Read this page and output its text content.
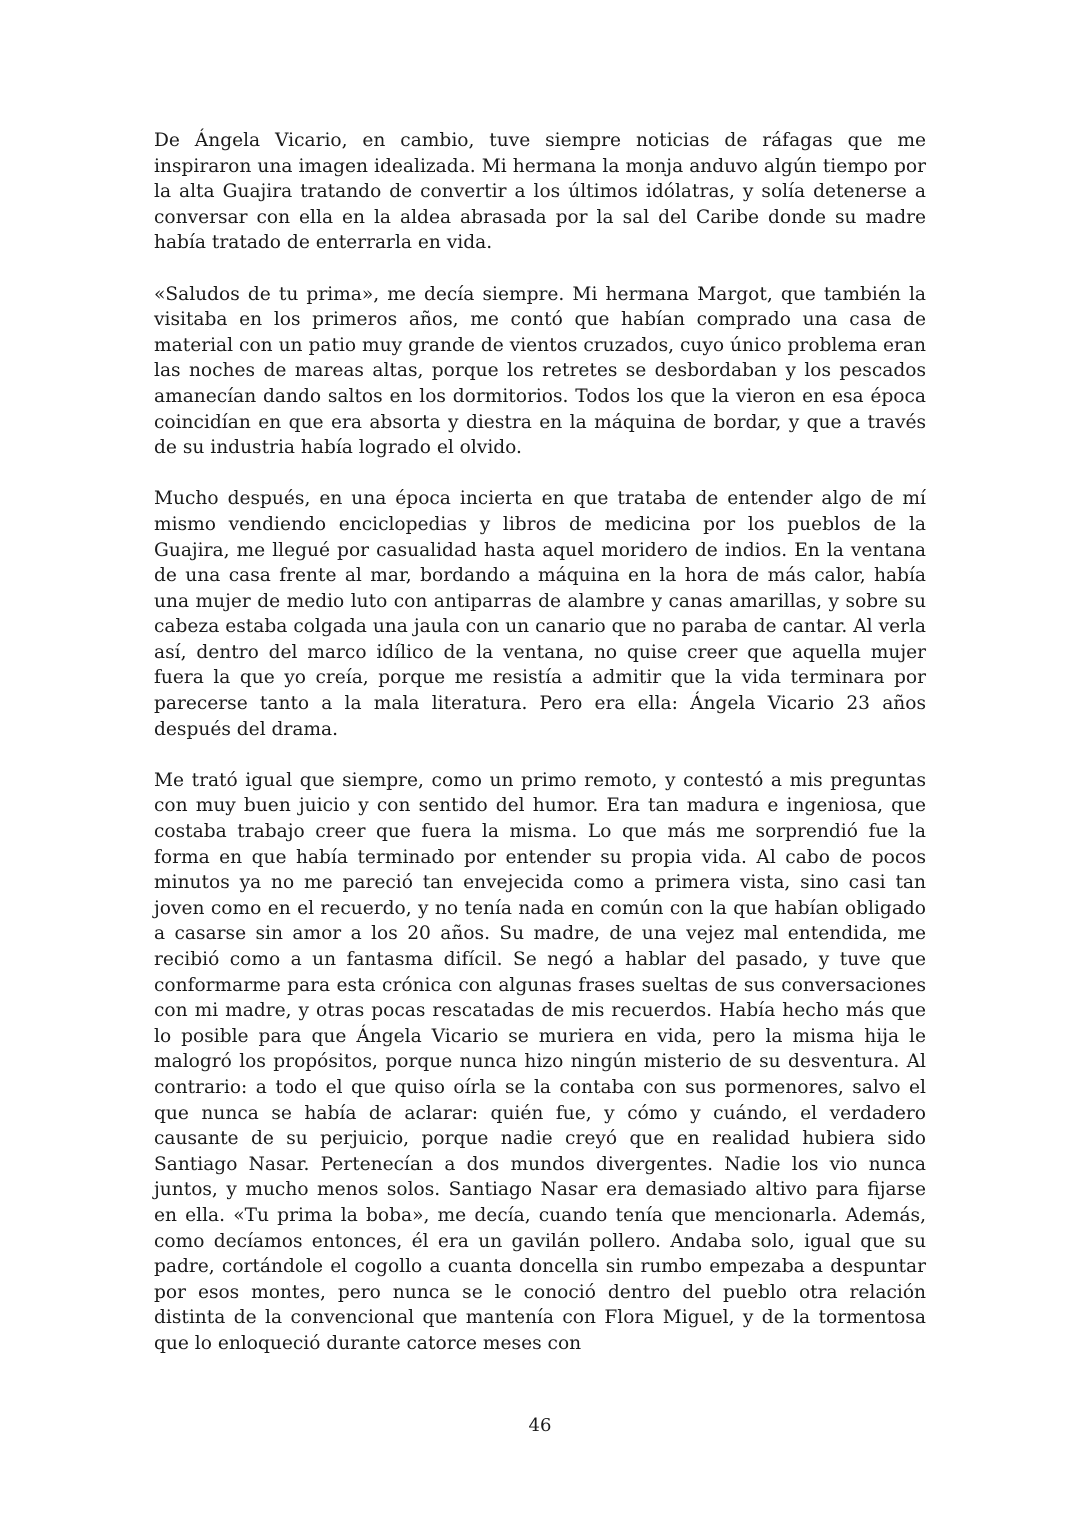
De Ángela Vicario, en cambio, tuve siempre noticias de ráfagas que me inspiraron una imagen idealizada. Mi hermana la monja anduvo algún tiempo por la alta Guajira tratando de convertir a los últimos idólatras, y solía detenerse a conversar con ella en la aldea abrasada por la sal del Caribe donde su madre había tratado de enterrarla en vida.

«Saludos de tu prima», me decía siempre. Mi hermana Margot, que también la visitaba en los primeros años, me contó que habían comprado una casa de material con un patio muy grande de vientos cruzados, cuyo único problema eran las noches de mareas altas, porque los retretes se desbordaban y los pescados amanecían dando saltos en los dormitorios. Todos los que la vieron en esa época coincidían en que era absorta y diestra en la máquina de bordar, y que a través de su industria había logrado el olvido.

Mucho después, en una época incierta en que trataba de entender algo de mí mismo vendiendo enciclopedias y libros de medicina por los pueblos de la Guajira, me llegué por casualidad hasta aquel moridero de indios. En la ventana de una casa frente al mar, bordando a máquina en la hora de más calor, había una mujer de medio luto con antiparras de alambre y canas amarillas, y sobre su cabeza estaba colgada una jaula con un canario que no paraba de cantar. Al verla así, dentro del marco idílico de la ventana, no quise creer que aquella mujer fuera la que yo creía, porque me resistía a admitir que la vida terminara por parecerse tanto a la mala literatura. Pero era ella: Ángela Vicario 23 años después del drama.

Me trató igual que siempre, como un primo remoto, y contestó a mis preguntas con muy buen juicio y con sentido del humor. Era tan madura e ingeniosa, que costaba trabajo creer que fuera la misma. Lo que más me sorprendió fue la forma en que había terminado por entender su propia vida. Al cabo de pocos minutos ya no me pareció tan envejecida como a primera vista, sino casi tan joven como en el recuerdo, y no tenía nada en común con la que habían obligado a casarse sin amor a los 20 años. Su madre, de una vejez mal entendida, me recibió como a un fantasma difícil. Se negó a hablar del pasado, y tuve que conformarme para esta crónica con algunas frases sueltas de sus conversaciones con mi madre, y otras pocas rescatadas de mis recuerdos. Había hecho más que lo posible para que Ángela Vicario se muriera en vida, pero la misma hija le malogró los propósitos, porque nunca hizo ningún misterio de su desventura. Al contrario: a todo el que quiso oírla se la contaba con sus pormenores, salvo el que nunca se había de aclarar: quién fue, y cómo y cuándo, el verdadero causante de su perjuicio, porque nadie creyó que en realidad hubiera sido Santiago Nasar. Pertenecían a dos mundos divergentes. Nadie los vio nunca juntos, y mucho menos solos. Santiago Nasar era demasiado altivo para fijarse en ella. «Tu prima la boba», me decía, cuando tenía que mencionarla. Además, como decíamos entonces, él era un gavilán pollero. Andaba solo, igual que su padre, cortándole el cogollo a cuanta doncella sin rumbo empezaba a despuntar por esos montes, pero nunca se le conoció dentro del pueblo otra relación distinta de la convencional que mantenía con Flora Miguel, y de la tormentosa que lo enloqueció durante catorce meses con

46
